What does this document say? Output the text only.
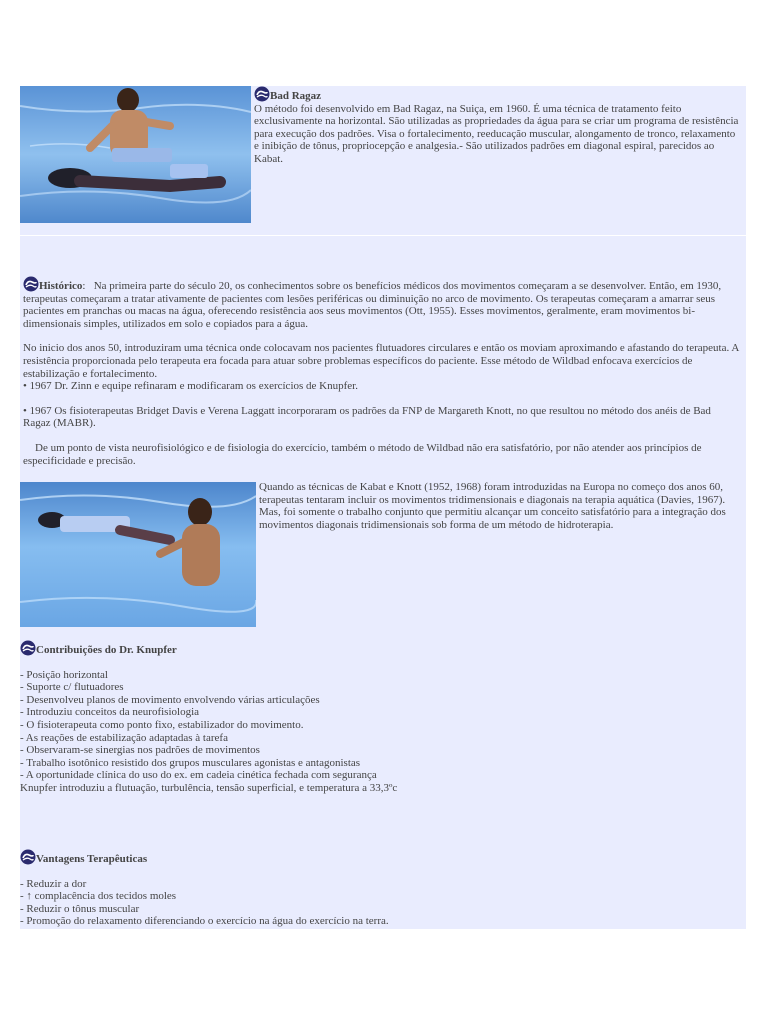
Bad Ragaz

O método foi desenvolvido em Bad Ragaz, na Suiça, em 1960. É uma técnica de tratamento feito exclusivamente na horizontal. São utilizadas as propriedades da água para se criar um programa de resistência para execução dos padrões. Visa o fortalecimento, reeducação muscular, alongamento de tronco, relaxamento e inibição de tônus, propriocepção e analgesia.- São utilizados padrões em diagonal espiral, parecidos ao Kabat.

Histórico: Na primeira parte do século 20, os conhecimentos sobre os benefícios médicos dos movimentos começaram a se desenvolver. Então, em 1930, terapeutas começaram a tratar ativamente de pacientes com lesões periféricas ou diminuição no arco de movimento. Os terapeutas começaram a amarrar seus pacientes em pranchas ou macas na água, oferecendo resistência aos seus movimentos (Ott, 1955). Esses movimentos, geralmente, eram movimentos bi-dimensionais simples, utilizados em solo e copiados para a água.

No inicio dos anos 50, introduziram uma técnica onde colocavam nos pacientes flutuadores circulares e então os moviam aproximando e afastando do terapeuta. A resistência proporcionada pelo terapeuta era focada para atuar sobre problemas específicos do paciente. Esse método de Wildbad enfocava exercícios de estabilização e fortalecimento.

• 1967 Dr. Zinn e equipe refinaram e modificaram os exercícios de Knupfer.

• 1967 Os fisioterapeutas Bridget Davis e Verena Laggatt incorporaram os padrões da FNP de Margareth Knott, no que resultou no método dos anéis de Bad Ragaz (MABR).

De um ponto de vista neurofisiológico e de fisiologia do exercício, também o método de Wildbad não era satisfatório, por não atender aos princípios de especificidade e precisão.

Quando as técnicas de Kabat e Knott (1952, 1968) foram introduzidas na Europa no começo dos anos 60, terapeutas tentaram incluir os movimentos tridimensionais e diagonais na terapia aquática (Davies, 1967). Mas, foi somente o trabalho conjunto que permitiu alcançar um conceito satisfatório para a integração dos movimentos diagonais tridimensionais sob forma de um método de hidroterapia.

Contribuições do Dr. Knupfer

- Posição horizontal

- Suporte c/ flutuadores

- Desenvolveu planos de movimento envolvendo várias articulações

- Introduziu conceitos da neurofisiologia

- O fisioterapeuta como ponto fixo, estabilizador do movimento.

- As reações de estabilização adaptadas à tarefa

- Observaram-se sinergias nos padrões de movimentos

- Trabalho isotônico resistido dos grupos musculares agonistas e antagonistas

- A oportunidade clínica do uso do ex. em cadeia cinética fechada com segurança

Knupfer introduziu a flutuação, turbulência, tensão superficial, e temperatura a 33,3ºc

Vantagens Terapêuticas

- Reduzir a dor

- ↑ complacência dos tecidos moles

- Reduzir o tônus muscular

- Promoção do relaxamento diferenciando o exercício na água do exercício na terra.
